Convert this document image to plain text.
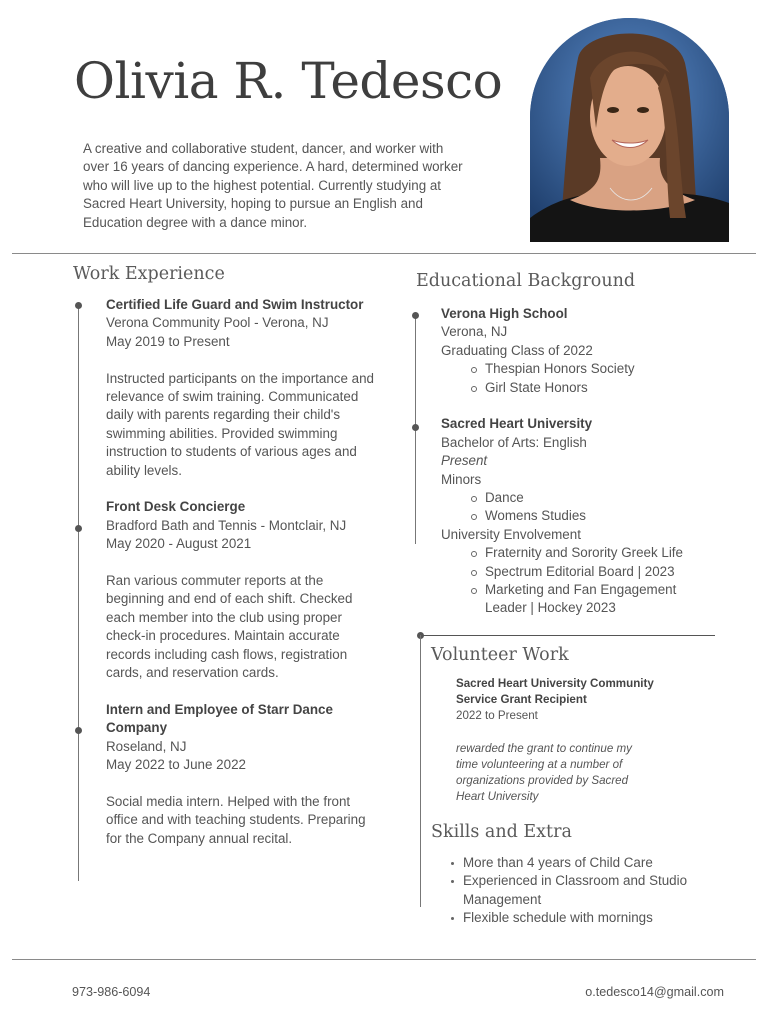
Olivia R. Tedesco
A creative and collaborative student, dancer, and worker with over 16 years of dancing experience. A hard, determined worker who will live up to the highest potential. Currently studying at Sacred Heart University, hoping to pursue an English and Education degree with a dance minor.
Work Experience

Certified Life Guard and Swim Instructor

Verona Community Pool - Verona, NJ

May 2019 to Present

Instructed participants on the importance and relevance of swim training. Communicated daily with parents regarding their child's swimming abilities. Provided swimming instruction to students of various ages and ability levels.

Front Desk Concierge

Bradford Bath and Tennis - Montclair, NJ

May 2020 - August 2021

Ran various commuter reports at the beginning and end of each shift. Checked each member into the club using proper check-in procedures. Maintain accurate records including cash flows, registration cards, and reservation cards.

Intern and Employee of Starr Dance Company

Roseland, NJ

May 2022 to June 2022

Social media intern. Helped with the front office and with teaching students. Preparing for the Company annual recital.

Educational Background

Verona High School

Verona, NJ

Graduating Class of 2022

Thespian Honors Society
Girl State Honors

Sacred Heart University

Bachelor of Arts: English

Present

Minors

Dance
Womens Studies

University Envolvement

Fraternity and Sorority Greek Life
Spectrum Editorial Board | 2023
Marketing and Fan Engagement Leader | Hockey 2023
Volunteer Work

Sacred Heart University Community Service Grant Recipient

2022 to Present

rewarded the grant to continue my time volunteering at a number of organizations provided by Sacred Heart University

Skills and Extra
More than 4 years of Child Care
Experienced in Classroom and Studio Management
Flexible schedule with mornings
973-986-6094	o.tedesco14@gmail.com
